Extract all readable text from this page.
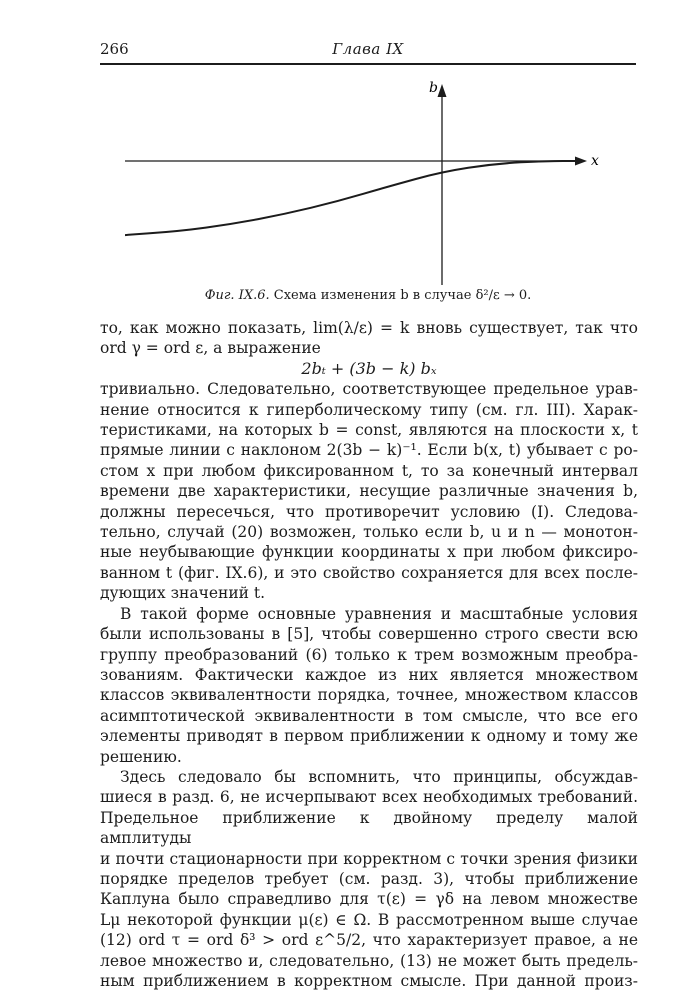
266	Глава IX
x
b
Фиг. IX.6. Схема изменения b в случае δ²/ε → 0.
то, как можно показать, lim(λ/ε) = k вновь существует, так что
ord γ = ord ε, а выражение
2bₜ + (3b − k) bₓ
тривиально. Следовательно, соответствующее предельное урав-
нение относится к гиперболическому типу (см. гл. III). Харак-
теристиками, на которых b = const, являются на плоскости x, t
прямые линии с наклоном 2(3b − k)⁻¹. Если b(x, t) убывает с ро-
стом x при любом фиксированном t, то за конечный интервал
времени две характеристики, несущие различные значения b,
должны пересечься, что противоречит условию (I). Следова-
тельно, случай (20) возможен, только если b, u и n — монотон-
ные неубывающие функции координаты x при любом фиксиро-
ванном t (фиг. IX.6), и это свойство сохраняется для всех после-
дующих значений t.
В такой форме основные уравнения и масштабные условия
были использованы в [5], чтобы совершенно строго свести всю
группу преобразований (6) только к трем возможным преобра-
зованиям. Фактически каждое из них является множеством
классов эквивалентности порядка, точнее, множеством классов
асимптотической эквивалентности в том смысле, что все его
элементы приводят в первом приближении к одному и тому же
решению.
Здесь следовало бы вспомнить, что принципы, обсуждав-
шиеся в разд. 6, не исчерпывают всех необходимых требований.
Предельное приближение к двойному пределу малой амплитуды
и почти стационарности при корректном с точки зрения физики
порядке пределов требует (см. разд. 3), чтобы приближение
Каплуна было справедливо для τ(ε) = γδ на левом множестве
Lμ некоторой функции μ(ε) ∈ Ω. В рассмотренном выше случае
(12) ord τ = ord δ³ > ord ε^5/2, что характеризует правое, а не
левое множество и, следовательно, (13) не может быть предель-
ным приближением в корректном смысле. При данной произ-
